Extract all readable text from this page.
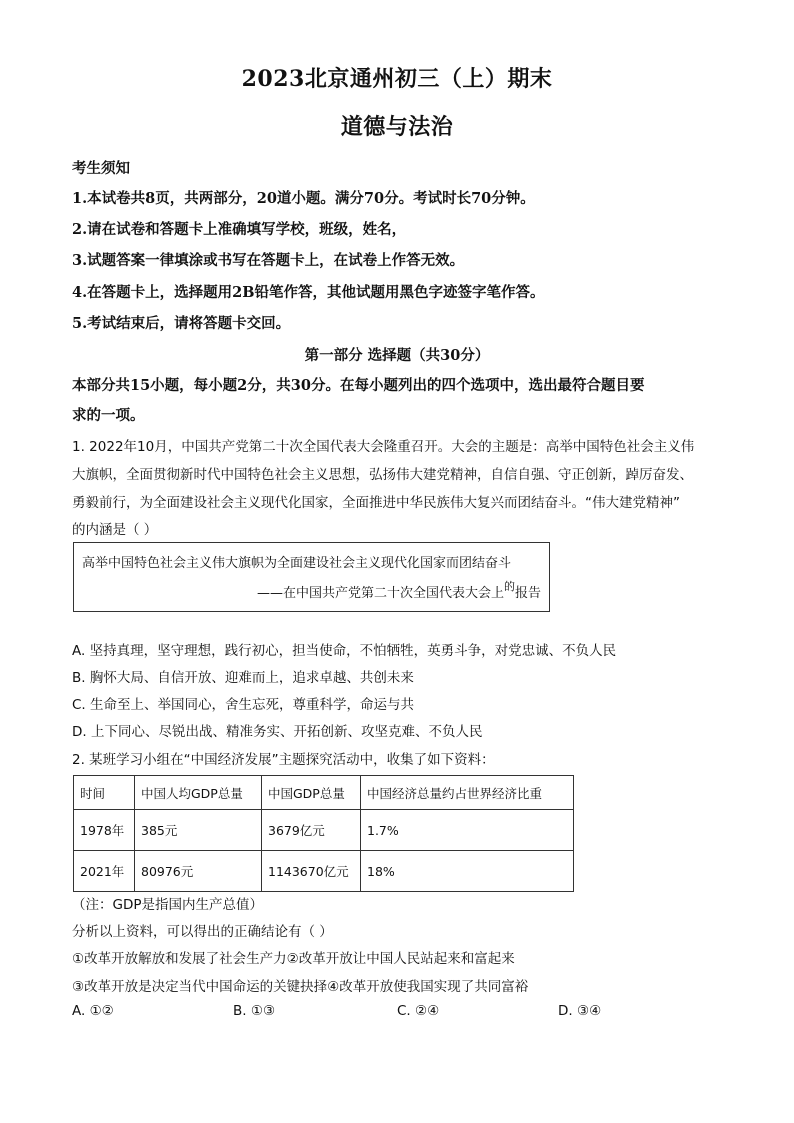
2023北京通州初三（上）期末
道德与法治
考生须知
1.本试卷共8页，共两部分，20道小题。满分70分。考试时长70分钟。
2.请在试卷和答题卡上准确填写学校，班级，姓名，
3.试题答案一律填涂或书写在答题卡上，在试卷上作答无效。
4.在答题卡上，选择题用2B铅笔作答，其他试题用黑色字迹签字笔作答。
5.考试结束后，请将答题卡交回。
第一部分 选择题（共30分）
本部分共15小题，每小题2分，共30分。在每小题列出的四个选项中，选出最符合题目要
求的一项。
1. 2022年10月，中国共产党第二十次全国代表大会隆重召开。大会的主题是：高举中国特色社会主义伟
大旗帜，全面贯彻新时代中国特色社会主义思想，弘扬伟大建党精神，自信自强、守正创新，踔厉奋发、
勇毅前行，为全面建设社会主义现代化国家，全面推进中华民族伟大复兴而团结奋斗。“伟大建党精神”
的内涵是（ ）
高举中国特色社会主义伟大旗帜为全面建设社会主义现代化国家而团结奋斗
——在中国共产党第二十次全国代表大会上$^的$报告
A. 坚持真理，坚守理想，践行初心，担当使命，不怕牺牲，英勇斗争，对党忠诚、不负人民
B. 胸怀大局、自信开放、迎难而上，追求卓越、共创未来
C. 生命至上、举国同心，舍生忘死，尊重科学，命运与共
D. 上下同心、尽锐出战、精准务实、开拓创新、攻坚克难、不负人民
2. 某班学习小组在“中国经济发展”主题探究活动中，收集了如下资料：
时间	中国人均GDP总量	中国GDP总量	中国经济总量约占世界经济比重
1978年	385元	3679亿元	1.7%
2021年	80976元	1143670亿元	18%
（注：GDP是指国内生产总值）
分析以上资料，可以得出的正确结论有（ ）
①改革开放解放和发展了社会生产力②改革开放让中国人民站起来和富起来
③改革开放是决定当代中国命运的关键抉择④改革开放使我国实现了共同富裕
A. ①②	B. ①③	C. ②④	D. ③④
